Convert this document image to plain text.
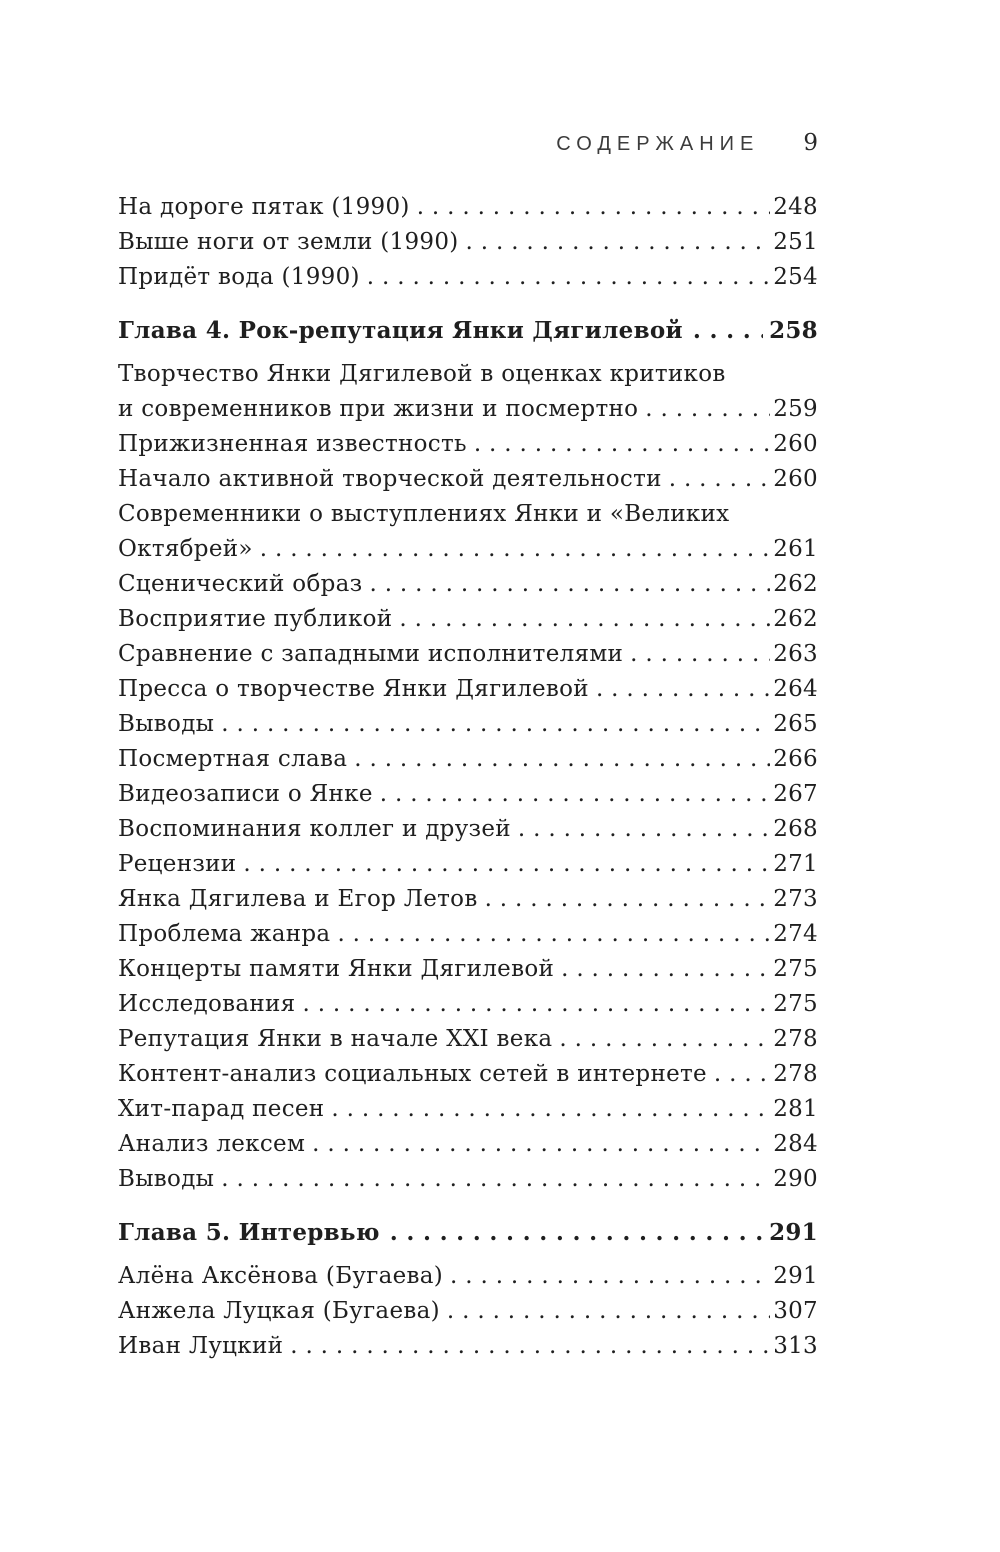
СОДЕРЖАНИЕ 9
На дороге пятак (1990) . . .	248
Выше ноги от земли (1990) . . .	251
Придёт вода (1990) . . .	254
Глава 4. Рок-репутация Янки Дягилевой . . .	258
Творчество Янки Дягилевой в оценках критиков
и современников при жизни и посмертно . . .	259
Прижизненная известность . . .	260
Начало активной творческой деятельности . . .	260
Современники о выступлениях Янки и «Великих
Октябрей» . . .	261
Сценический образ . . .	262
Восприятие публикой . . .	262
Сравнение с западными исполнителями . . .	263
Пресса о творчестве Янки Дягилевой . . .	264
Выводы . . .	265
Посмертная слава . . .	266
Видеозаписи о Янке . . .	267
Воспоминания коллег и друзей . . .	268
Рецензии . . .	271
Янка Дягилева и Егор Летов . . .	273
Проблема жанра . . .	274
Концерты памяти Янки Дягилевой . . .	275
Исследования . . .	275
Репутация Янки в начале XXI века . . .	278
Контент-анализ социальных сетей в интернете . . .	278
Хит-парад песен . . .	281
Анализ лексем . . .	284
Выводы . . .	290
Глава 5. Интервью . . .	291
Алёна Аксёнова (Бугаева) . . .	291
Анжела Луцкая (Бугаева) . . .	307
Иван Луцкий . . .	313
